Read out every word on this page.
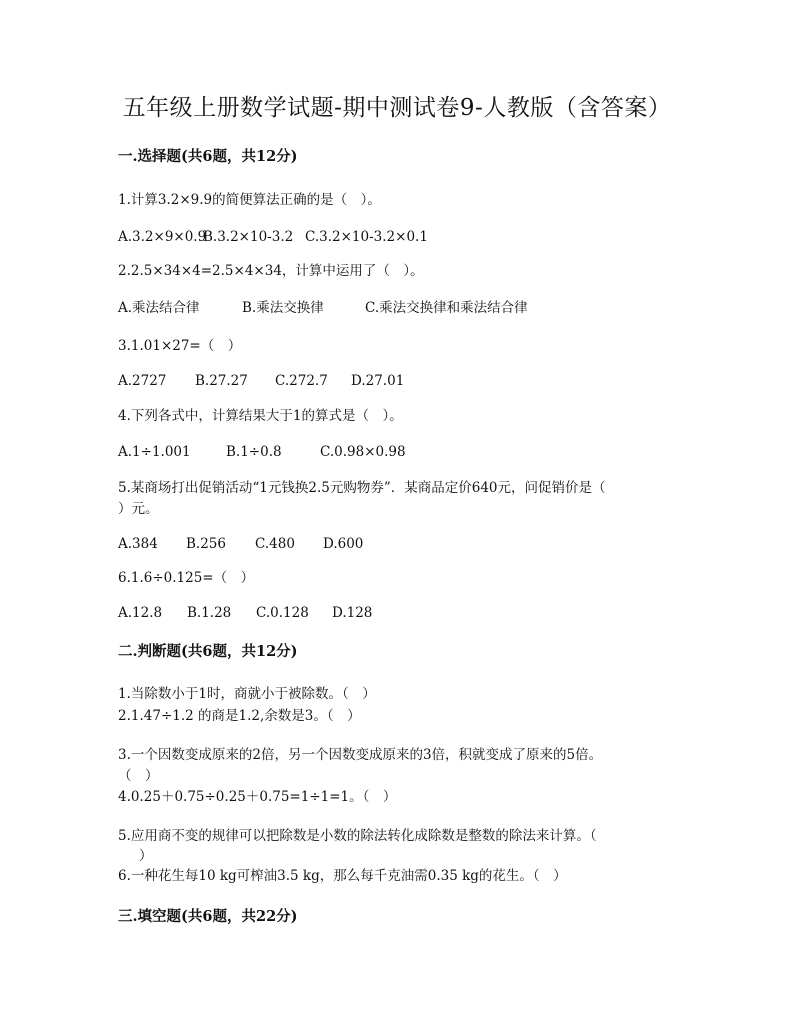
五年级上册数学试题-期中测试卷9-人教版（含答案）
一.选择题(共6题，共12分)
1.计算3.2×9.9的简便算法正确的是（　）。
A.3.2×9×0.9B.3.2×10-3.2 C.3.2×10-3.2×0.1
2.2.5×34×4=2.5×4×34，计算中运用了（　）。
A.乘法结合律	B.乘法交换律	C.乘法交换律和乘法结合律
3.1.01×27=（　）
A.2727 B.27.27 C.272.7 D.27.01
4.下列各式中，计算结果大于1的算式是（　）。
A.1÷1.001	B.1÷0.8	C.0.98×0.98
5.某商场打出促销活动“1元钱换2.5元购物券”．某商品定价640元，问促销价是（
）元。
A.384 B.256 C.480 D.600
6.1.6÷0.125=（　）
A.12.8 B.1.28 C.0.128 D.128
二.判断题(共6题，共12分)
1.当除数小于1时，商就小于被除数。（　）
2.1.47÷1.2 的商是1.2,余数是3。（　）
3.一个因数变成原来的2倍，另一个因数变成原来的3倍，积就变成了原来的5倍。
（　）
4.0.25＋0.75÷0.25＋0.75=1÷1=1。（　）
5.应用商不变的规律可以把除数是小数的除法转化成除数是整数的除法来计算。（
）
6.一种花生每10 kg可榨油3.5 kg，那么每千克油需0.35 kg的花生。（　）
三.填空题(共6题，共22分)
